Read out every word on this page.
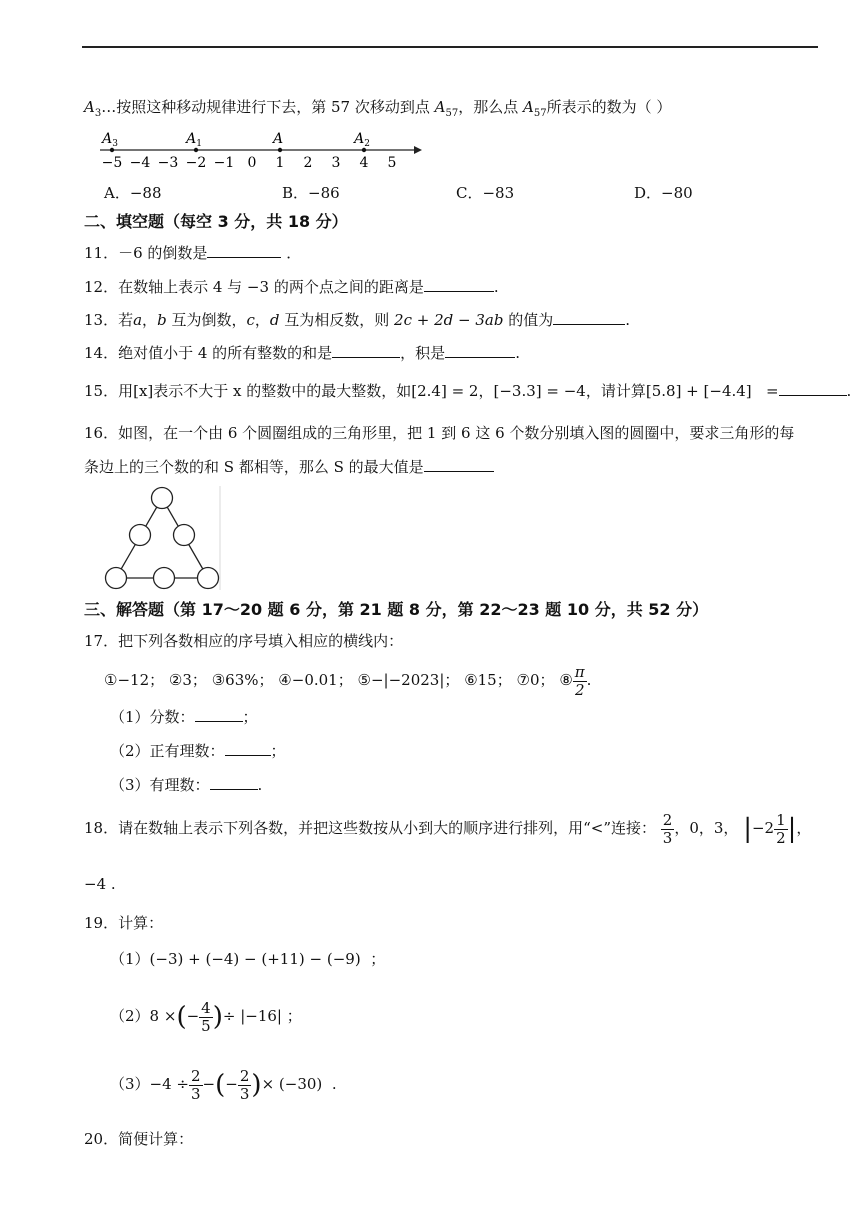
$A_3\dots$按照这种移动规律进行下去，第 57 次移动到点 $A_{57}$，那么点 $A_{57}$所表示的数为（ ）
−5 −4 −3 −2 −1 0 1 2 3 4 5
$A_3$	$A_1$	A	$A_2$
A．−88	B．−86	C．−83	D．−80
二、填空题（每空 3 分，共 18 分）
11．－6 的倒数是	．
12．在数轴上表示 4 与 −3 的两个点之间的距离是	.
13．若a，b 互为倒数，c，d 互为相反数，则 2c + 2d − 3ab 的值为	.
14．绝对值小于 4 的所有整数的和是	，积是	.
15．用[x]表示不大于 x 的整数中的最大整数，如[2.4] = 2，[−3.3] = −4，请计算[5.8] + [−4.4] =	.
16．如图，在一个由 6 个圆圈组成的三角形里，把 1 到 6 这 6 个数分别填入图的圆圈中，要求三角形的每
条边上的三个数的和 S 都相等，那么 S 的最大值是
三、解答题（第 17～20 题 6 分，第 21 题 8 分，第 22～23 题 10 分，共 52 分）
17．把下列各数相应的序号填入相应的横线内：
①−12； ②3； ③63%； ④−0.01； ⑤−|−2023|； ⑥15； ⑦0； ⑧ $\frac{\pi}{2}$ .
（1）分数：	；
（2）正有理数：	；
（3）有理数：	.
18．请在数轴上表示下列各数，并把这些数按从小到大的顺序进行排列，用“<”连接： $\frac{2}{3}$ ，0，3， $|-2 \frac{1}{2}$ |，
−4 .
19．计算：
（1）(−3) + (−4) − (+11) − (−9) ；
（2）8 ×(− $\frac{4}{5}$ )÷ |−16| ；
$(3)-4 \div \frac{2}{3}$ −(− $\frac{2}{3}$ )× (−30) .
20．简便计算：
